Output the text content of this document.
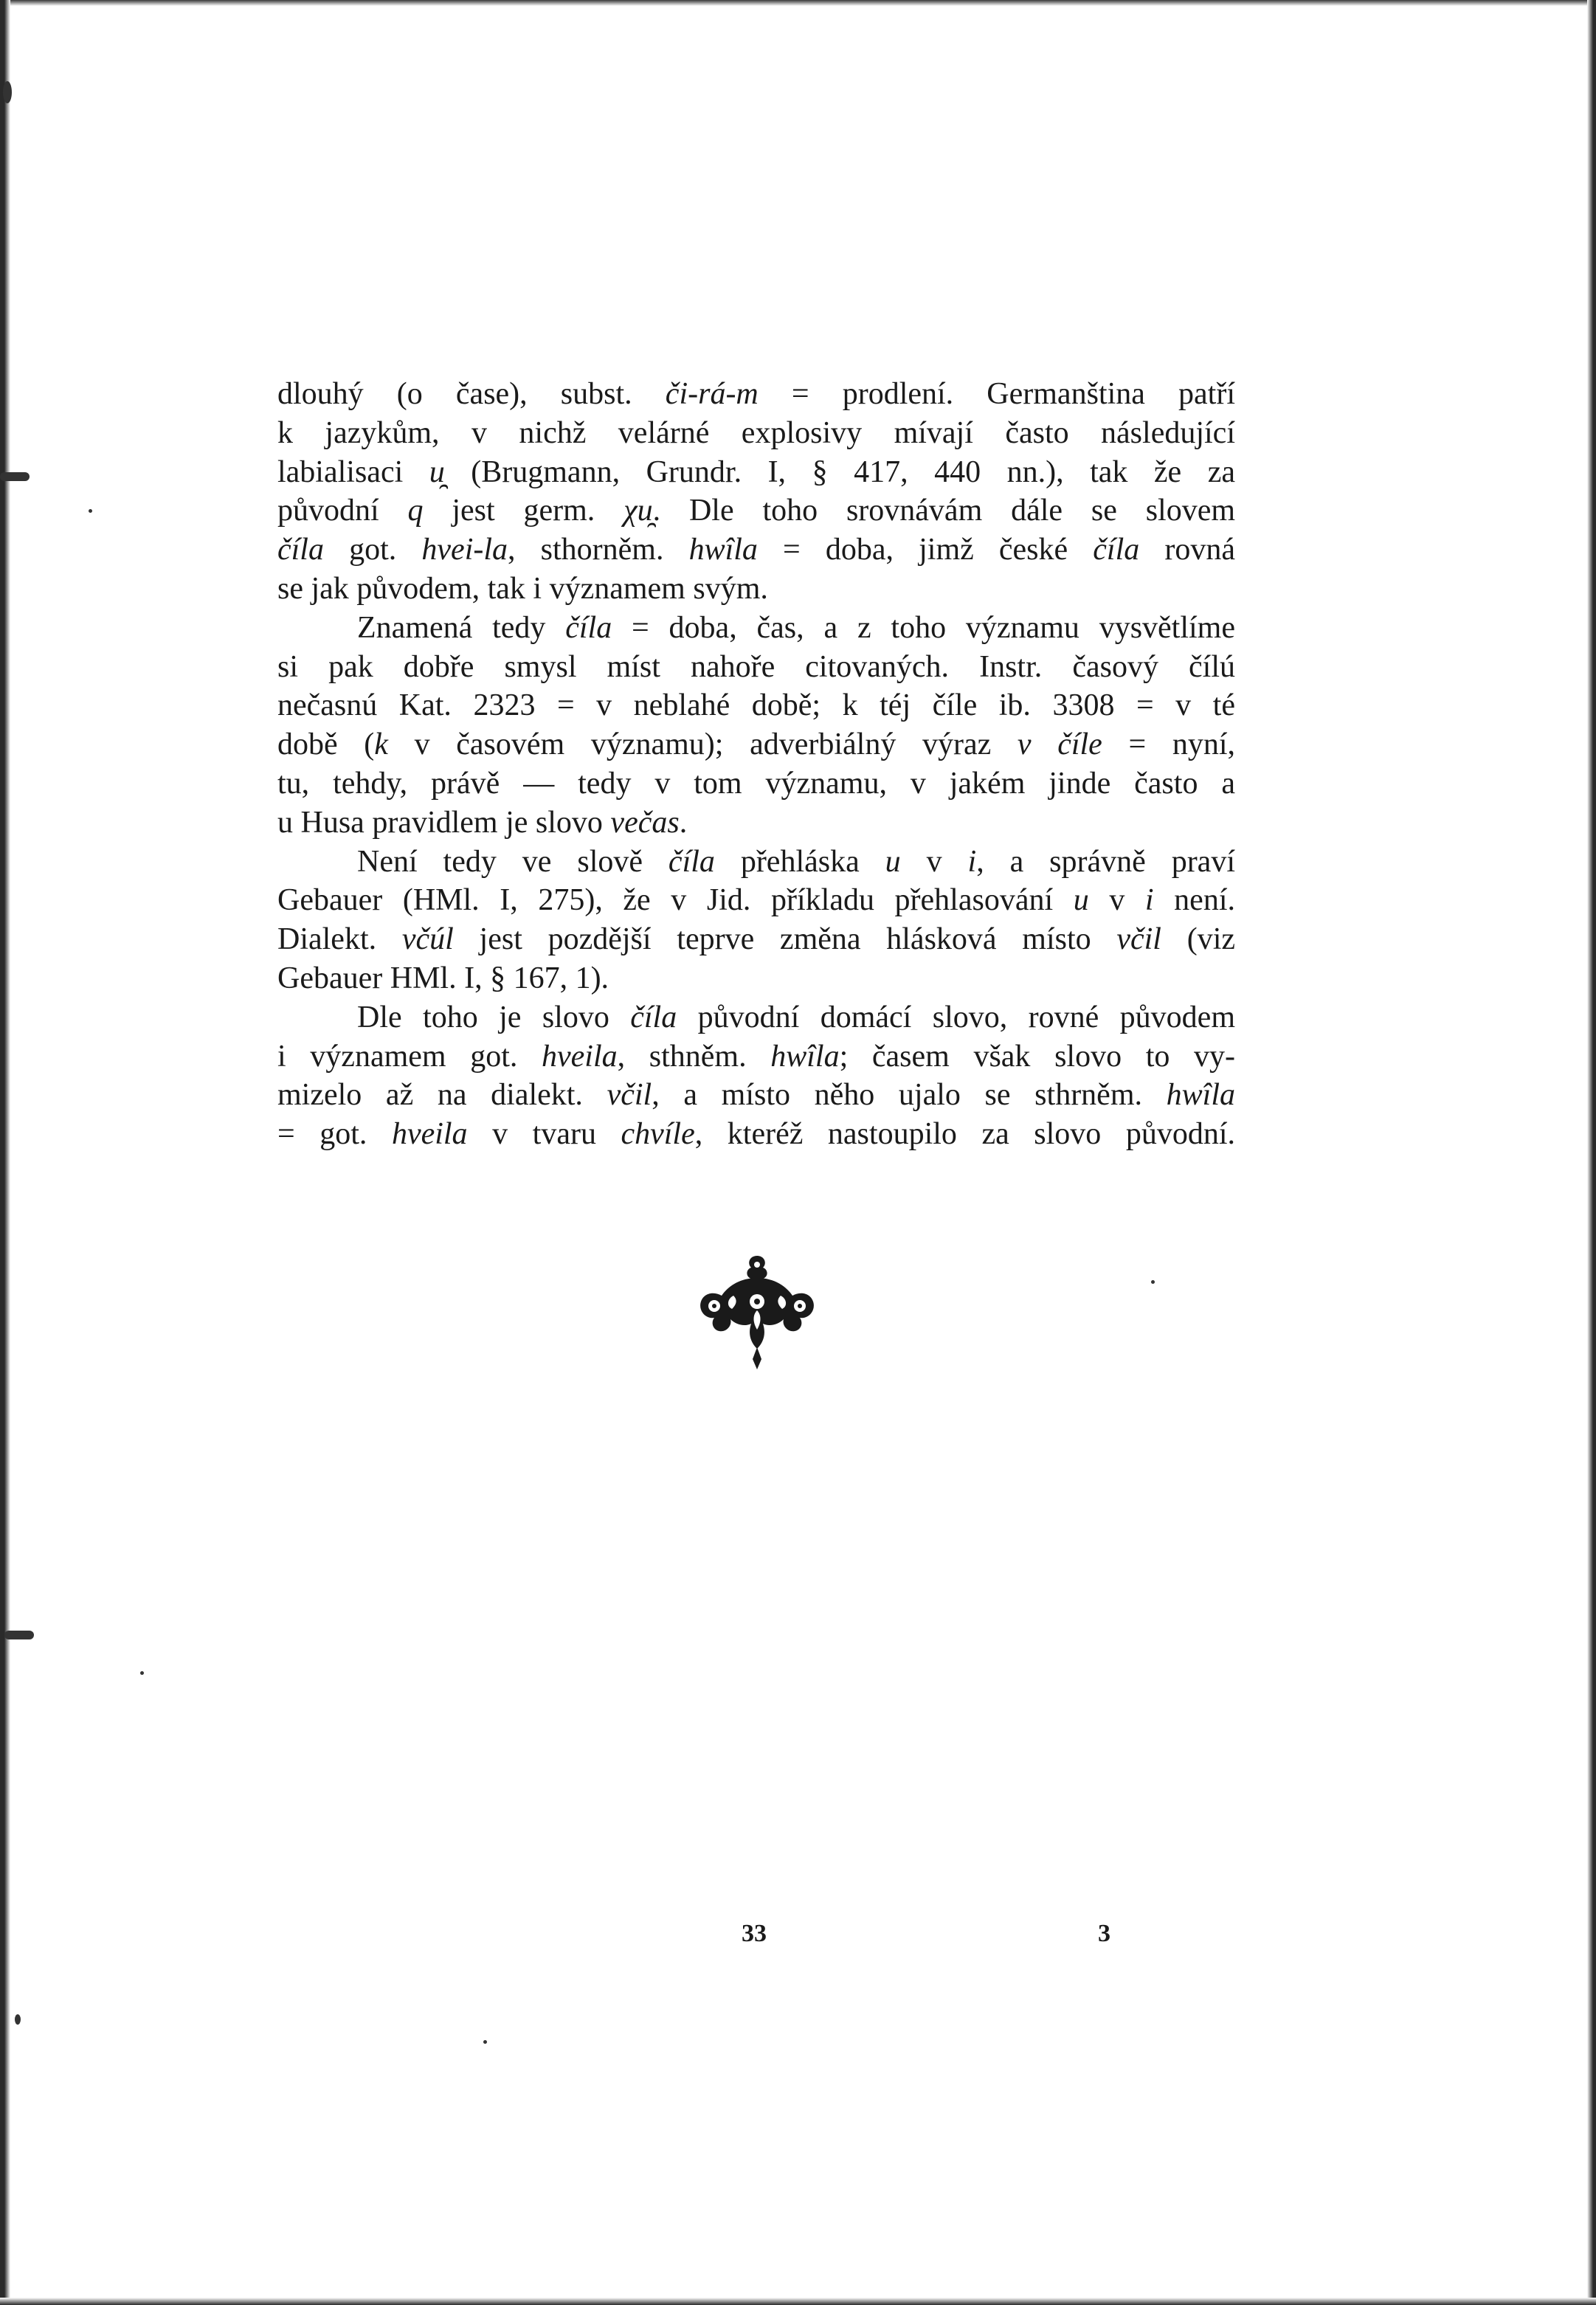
dlouhý (o čase), subst. či-rá-m = prodlení. Germanština patří

k jazykům, v nichž velárné explosivy mívají často následující

labialisaci u̯ (Brugmann, Grundr. I, § 417, 440 nn.), tak že za

původní q jest germ. χu̯. Dle toho srovnávám dále se slovem

číla got. hvei-la, sthorněm. hwîla = doba, jimž české číla rovná

se jak původem, tak i významem svým.

Znamená tedy číla = doba, čas, a z toho významu vysvětlíme

si pak dobře smysl míst nahoře citovaných. Instr. časový čílú

nečasnú Kat. 2323 = v neblahé době; k téj číle ib. 3308 = v té

době (k v časovém významu); adverbiálný výraz v číle = nyní,

tu, tehdy, právě — tedy v tom významu, v jakém jinde často a

u Husa pravidlem je slovo večas.

Není tedy ve slově číla přehláska u v i, a správně praví

Gebauer (HMl. I, 275), že v Jid. příkladu přehlasování u v i není.

Dialekt. včúl jest pozdější teprve změna hlásková místo včil (viz

Gebauer HMl. I, § 167, 1).

Dle toho je slovo číla původní domácí slovo, rovné původem

i významem got. hveila, sthněm. hwîla; časem však slovo to vy-

mizelo až na dialekt. včil, a místo něho ujalo se sthrněm. hwîla

= got. hveila v tvaru chvíle, kteréž nastoupilo za slovo původní.

33	3
